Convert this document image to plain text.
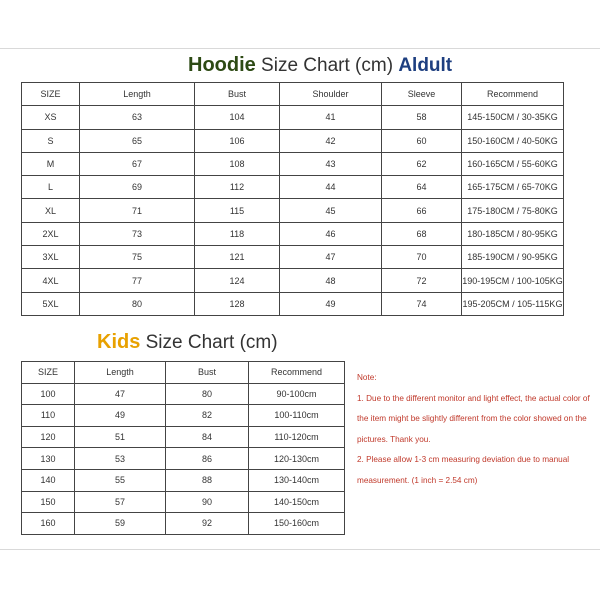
Hoodie Size Chart (cm) Aldult
SIZE	Length	Bust	Shoulder	Sleeve	Recommend
XS	63	104	41	58	145-150CM / 30-35KG
S	65	106	42	60	150-160CM / 40-50KG
M	67	108	43	62	160-165CM / 55-60KG
L	69	112	44	64	165-175CM / 65-70KG
XL	71	115	45	66	175-180CM / 75-80KG
2XL	73	118	46	68	180-185CM / 80-95KG
3XL	75	121	47	70	185-190CM / 90-95KG
4XL	77	124	48	72	190-195CM / 100-105KG
5XL	80	128	49	74	195-205CM / 105-115KG
Kids Size Chart (cm)
SIZE	Length	Bust	Recommend
100	47	80	90-100cm
110	49	82	100-110cm
120	51	84	110-120cm
130	53	86	120-130cm
140	55	88	130-140cm
150	57	90	140-150cm
160	59	92	150-160cm

Note:

1. Due to the different monitor and light effect, the actual color of the item might be slightly different from the color showed on the pictures. Thank you.

2. Please allow 1-3 cm measuring deviation due to manual measurement. (1 inch = 2.54 cm)
